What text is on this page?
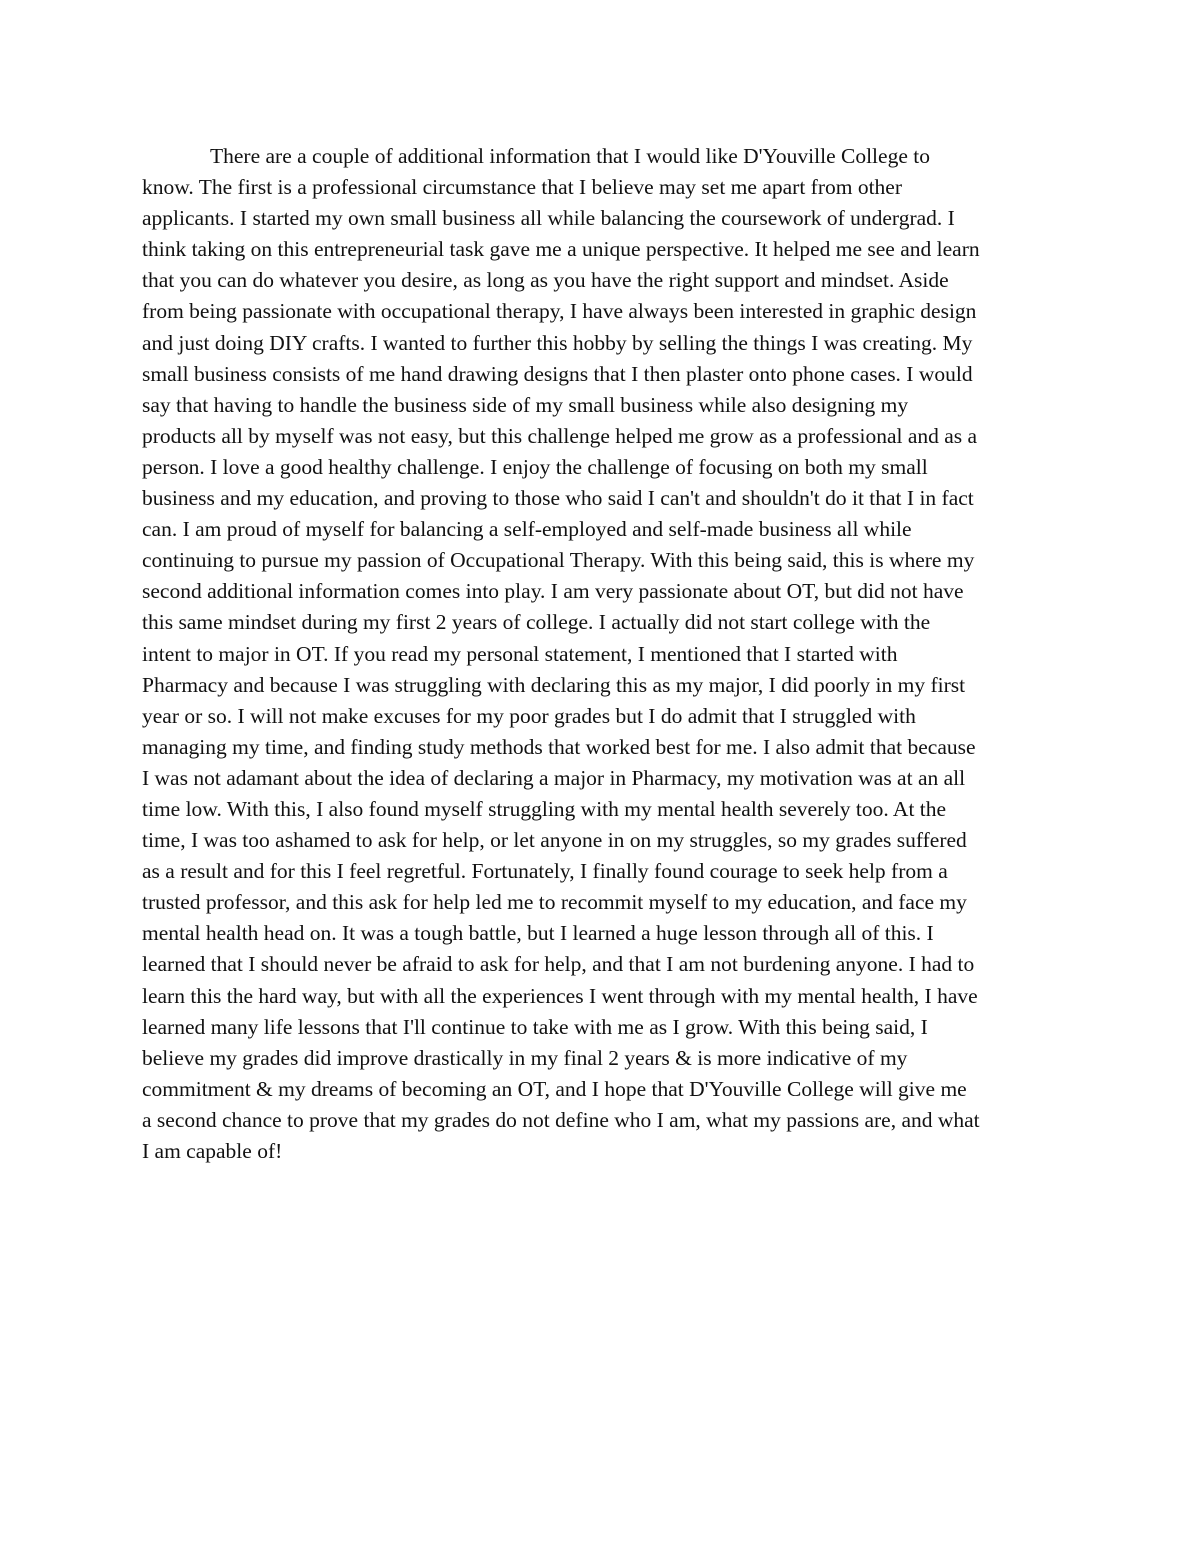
There are a couple of additional information that I would like D'Youville College to
know. The first is a professional circumstance that I believe may set me apart from other
applicants. I started my own small business all while balancing the coursework of undergrad. I
think taking on this entrepreneurial task gave me a unique perspective. It helped me see and learn
that you can do whatever you desire, as long as you have the right support and mindset. Aside
from being passionate with occupational therapy, I have always been interested in graphic design
and just doing DIY crafts. I wanted to further this hobby by selling the things I was creating. My
small business consists of me hand drawing designs that I then plaster onto phone cases. I would
say that having to handle the business side of my small business while also designing my
products all by myself was not easy, but this challenge helped me grow as a professional and as a
person. I love a good healthy challenge. I enjoy the challenge of focusing on both my small
business and my education, and proving to those who said I can't and shouldn't do it that I in fact
can. I am proud of myself for balancing a self-employed and self-made business all while
continuing to pursue my passion of Occupational Therapy. With this being said, this is where my
second additional information comes into play. I am very passionate about OT, but did not have
this same mindset during my first 2 years of college. I actually did not start college with the
intent to major in OT. If you read my personal statement, I mentioned that I started with
Pharmacy and because I was struggling with declaring this as my major, I did poorly in my first
year or so. I will not make excuses for my poor grades but I do admit that I struggled with
managing my time, and finding study methods that worked best for me. I also admit that because
I was not adamant about the idea of declaring a major in Pharmacy, my motivation was at an all
time low. With this, I also found myself struggling with my mental health severely too. At the
time, I was too ashamed to ask for help, or let anyone in on my struggles, so my grades suffered
as a result and for this I feel regretful. Fortunately, I finally found courage to seek help from a
trusted professor, and this ask for help led me to recommit myself to my education, and face my
mental health head on. It was a tough battle, but I learned a huge lesson through all of this. I
learned that I should never be afraid to ask for help, and that I am not burdening anyone. I had to
learn this the hard way, but with all the experiences I went through with my mental health, I have
learned many life lessons that I'll continue to take with me as I grow. With this being said, I
believe my grades did improve drastically in my final 2 years & is more indicative of my
commitment & my dreams of becoming an OT, and I hope that D'Youville College will give me
a second chance to prove that my grades do not define who I am, what my passions are, and what
I am capable of!
